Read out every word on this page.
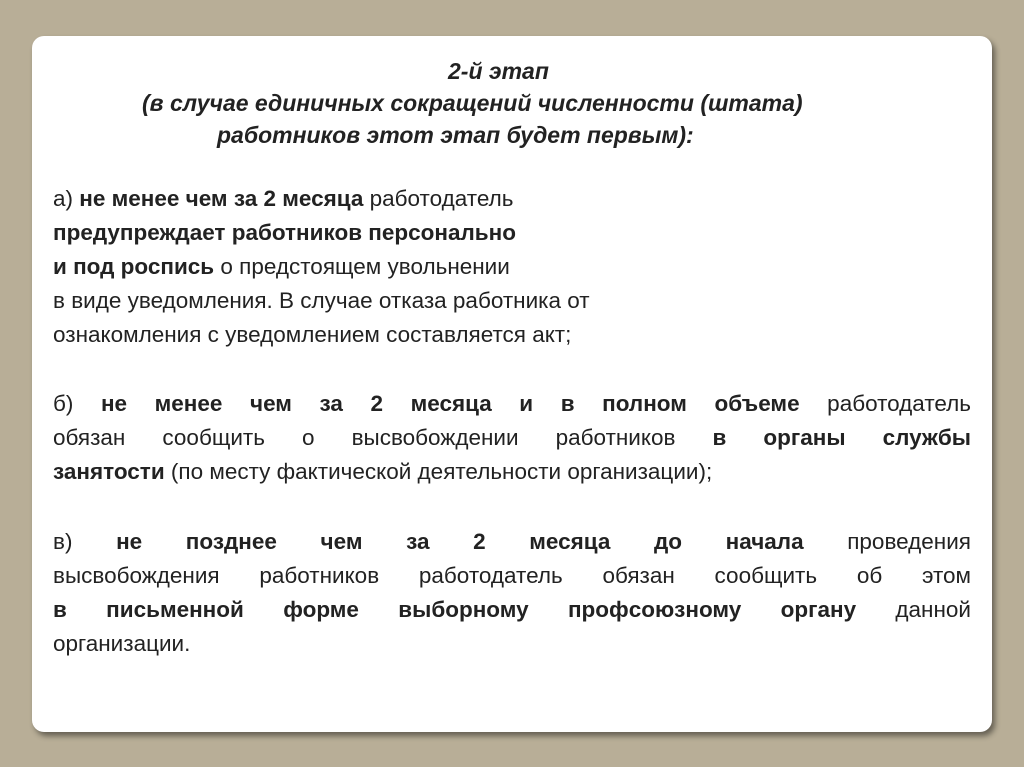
2-й этап
(в случае единичных сокращений численности (штата)
работников этот этап будет первым):
а) не менее чем за 2 месяца работодатель
предупреждает работников персонально
и под роспись о предстоящем увольнении
в виде уведомления. В случае отказа работника от
ознакомления с уведомлением составляется акт;
б) не менее чем за 2 месяца и в полном объеме работодатель
обязан сообщить о высвобождении работников в органы службы
занятости (по месту фактической деятельности организации);
в) не позднее чем за 2 месяца до начала проведения
высвобождения работников работодатель обязан сообщить об этом
в письменной форме выборному профсоюзному органу данной
организации.
